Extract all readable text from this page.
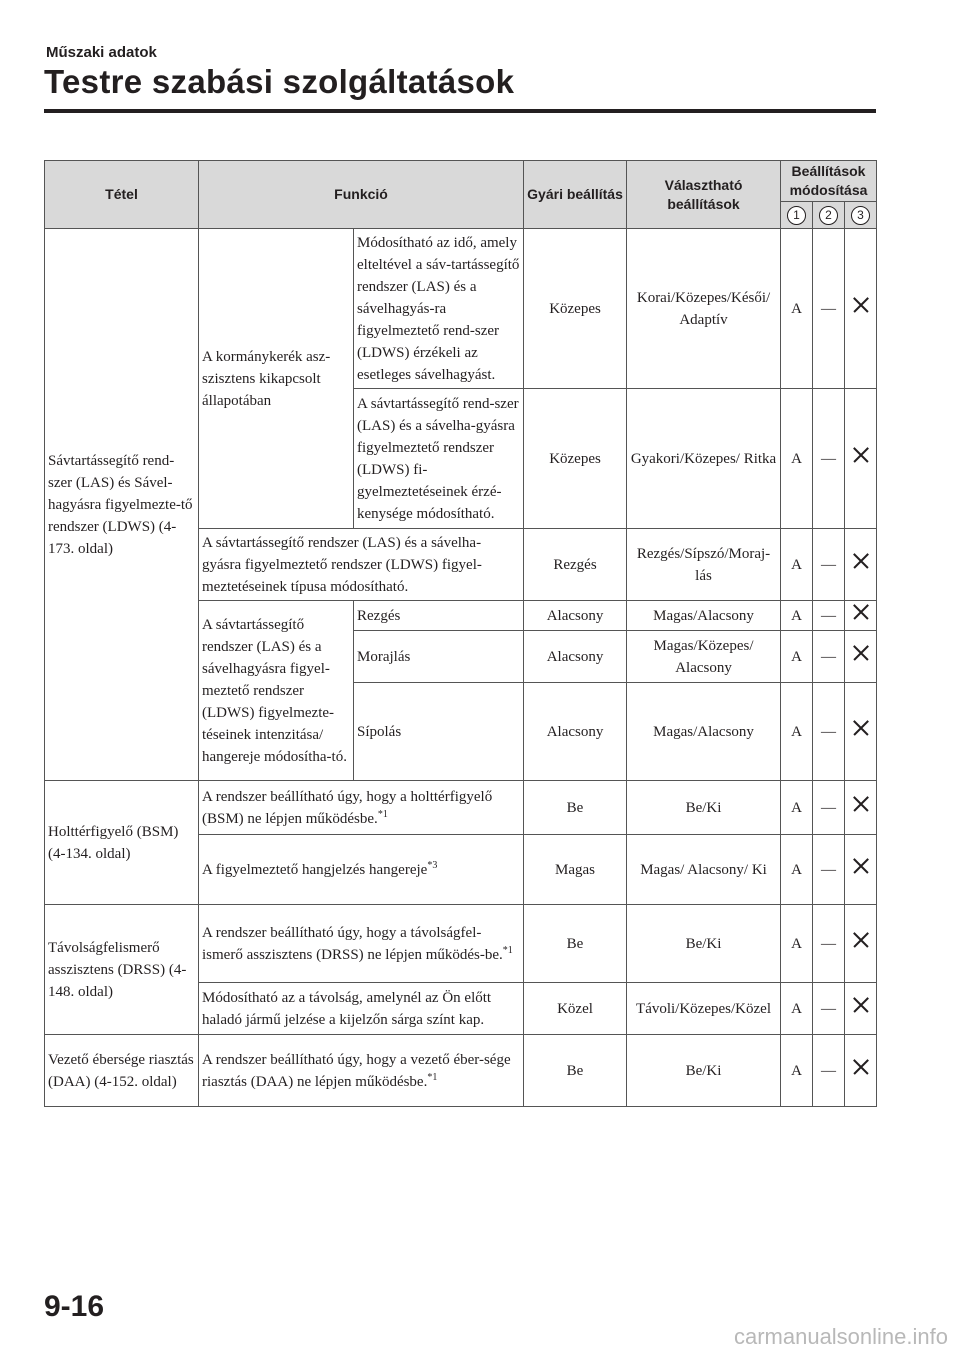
Műszaki adatok
Testre szabási szolgáltatások
Tétel	Funkció		Gyári beállítás	Választható beállítások	Beállítások módosítása		
					1	2	3
Sávtartássegítő rend-szer (LAS) és Sável-hagyásra figyelmezte-tő rendszer (LDWS) (4-173. oldal)	A kormánykerék asz-szisztens kikapcsolt állapotában	Módosítható az idő, amely elteltével a sáv-tartássegítő rendszer (LAS) és a sávelhagyás-ra figyelmeztető rend-szer (LDWS) érzékeli az esetleges sávelhagyást.	Közepes	Korai/Közepes/Késői/ Adaptív	A	—	
		A sávtartássegítő rend-szer (LAS) és a sávelha-gyásra figyelmeztető rendszer (LDWS) fi-gyelmeztetéseinek érzé-kenysége módosítható.	Közepes	Gyakori/Közepes/ Ritka	A	—	
	A sávtartássegítő rendszer (LAS) és a sávelha-gyásra figyelmeztető rendszer (LDWS) figyel-meztetéseinek típusa módosítható.		Rezgés	Rezgés/Sípszó/Moraj-lás	A	—	
	A sávtartássegítő rendszer (LAS) és a sávelhagyásra figyel-meztető rendszer (LDWS) figyelmezte-téseinek intenzitása/ hangereje módosítha-tó.	Rezgés	Alacsony	Magas/Alacsony	A	—	
		Morajlás	Alacsony	Magas/Közepes/ Alacsony	A	—	
		Sípolás	Alacsony	Magas/Alacsony	A	—	
Holttérfigyelő (BSM) (4-134. oldal)	A rendszer beállítható úgy, hogy a holttérfigyelő (BSM) ne lépjen működésbe.$^{*1}$		Be	Be/Ki	A	—	
	A figyelmeztető hangjelzés hangereje$^{*3}$		Magas	Magas/ Alacsony/ Ki	A	—	
Távolságfelismerő asszisztens (DRSS) (4-148. oldal)	A rendszer beállítható úgy, hogy a távolságfel-ismerő asszisztens (DRSS) ne lépjen működés-be.$^{*1}$		Be	Be/Ki	A	—	
	Módosítható az a távolság, amelynél az Ön előtt haladó jármű jelzése a kijelzőn sárga színt kap.		Közel	Távoli/Közepes/Közel	A	—	
Vezető ébersége riasztás (DAA) (4-152. oldal)	A rendszer beállítható úgy, hogy a vezető éber-sége riasztás (DAA) ne lépjen működésbe.$^{*1}$		Be	Be/Ki	A	—	
9-16
carmanualsonline.info
